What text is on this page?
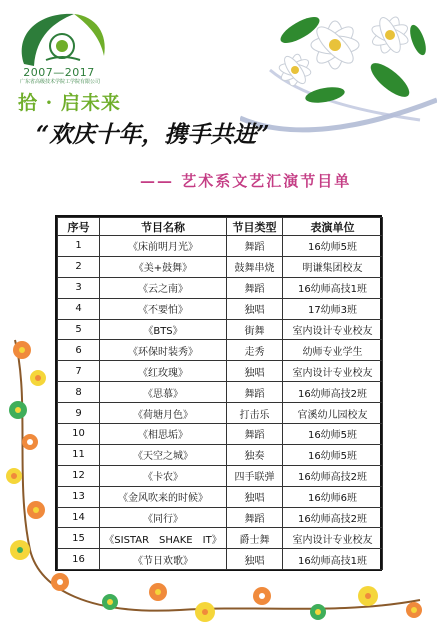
2007—2017
广东省高级技术学院工学院有限公司
拾 · 启未来
“欢庆十年，携手共进”
—— 艺术系文艺汇演节目单
序号	节目名称	节目类型	表演单位
1	《床前明月光》	舞蹈	16幼师5班
2	《美+鼓舞》	鼓舞串烧	明谦集团校友
3	《云之南》	舞蹈	16幼师高技1班
4	《不要怕》	独唱	17幼师3班
5	《BTS》	街舞	室内设计专业校友
6	《环保时装秀》	走秀	幼师专业学生
7	《红玫瑰》	独唱	室内设计专业校友
8	《思慕》	舞蹈	16幼师高技2班
9	《荷塘月色》	打击乐	官溪幼儿园校友
10	《相思垢》	舞蹈	16幼师5班
11	《天空之城》	独奏	16幼师5班
12	《卡农》	四手联弹	16幼师高技2班
13	《金风吹来的时候》	独唱	16幼师6班
14	《同行》	舞蹈	16幼师高技2班
15	《SISTAR　SHAKE　IT》	爵士舞	室内设计专业校友
16	《节日欢歌》	独唱	16幼师高技1班
